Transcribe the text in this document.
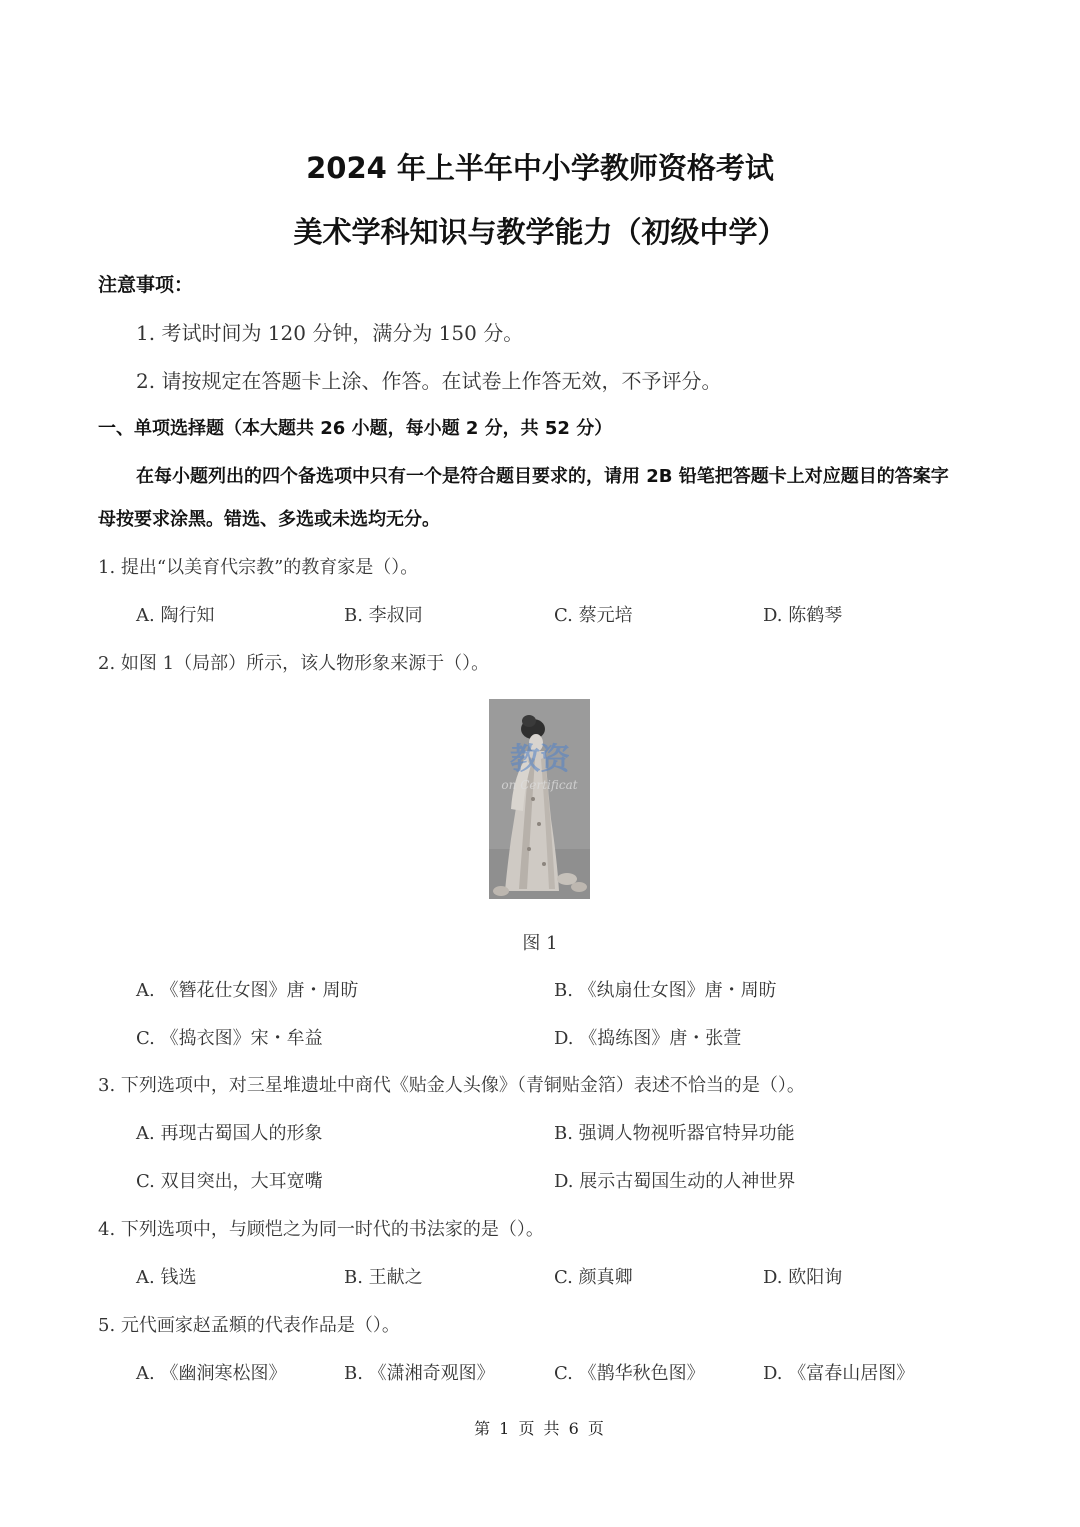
2024 年上半年中小学教师资格考试
美术学科知识与教学能力（初级中学）
注意事项：
1. 考试时间为 120 分钟，满分为 150 分。
2. 请按规定在答题卡上涂、作答。在试卷上作答无效，不予评分。
一、单项选择题（本大题共 26 小题，每小题 2 分，共 52 分）
在每小题列出的四个备选项中只有一个是符合题目要求的，请用 2B 铅笔把答题卡上对应题目的答案字
母按要求涂黑。错选、多选或未选均无分。
1. 提出“以美育代宗教”的教育家是（）。
A. 陶行知	B. 李叔同	C. 蔡元培	D. 陈鹤琴
2. 如图 1（局部）所示，该人物形象来源于（）。
教资
on Certificat
图 1
A. 《簪花仕女图》唐・周昉	B. 《纨扇仕女图》唐・周昉
C. 《捣衣图》宋・牟益	D. 《捣练图》唐・张萱
3. 下列选项中，对三星堆遗址中商代《贴金人头像》（青铜贴金箔）表述不恰当的是（）。
A. 再现古蜀国人的形象	B. 强调人物视听器官特异功能
C. 双目突出，大耳宽嘴	D. 展示古蜀国生动的人神世界
4. 下列选项中，与顾恺之为同一时代的书法家的是（）。
A. 钱选	B. 王献之	C. 颜真卿	D. 欧阳询
5. 元代画家赵孟頫的代表作品是（）。
A. 《幽涧寒松图》	B. 《潇湘奇观图》	C. 《鹊华秋色图》	D. 《富春山居图》
第 1 页 共 6 页
